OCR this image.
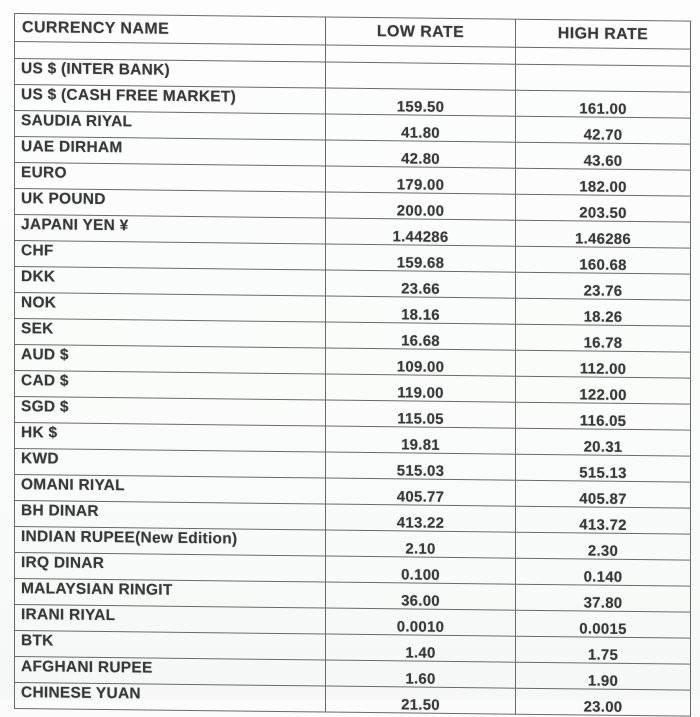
CURRENCY NAME	LOW RATE	HIGH RATE

US $ (INTER BANK)		
US $ (CASH FREE MARKET)	159.50	161.00
SAUDIA RIYAL	41.80	42.70
UAE DIRHAM	42.80	43.60
EURO	179.00	182.00
UK POUND	200.00	203.50
JAPANI YEN ¥	1.44286	1.46286
CHF	159.68	160.68
DKK	23.66	23.76
NOK	18.16	18.26
SEK	16.68	16.78
AUD $	109.00	112.00
CAD $	119.00	122.00
SGD $	115.05	116.05
HK $	19.81	20.31
KWD	515.03	515.13
OMANI RIYAL	405.77	405.87
BH DINAR	413.22	413.72
INDIAN RUPEE(New Edition)	2.10	2.30
IRQ DINAR	0.100	0.140
MALAYSIAN RINGIT	36.00	37.80
IRANI RIYAL	0.0010	0.0015
BTK	1.40	1.75
AFGHANI RUPEE	1.60	1.90
CHINESE YUAN	21.50	23.00
